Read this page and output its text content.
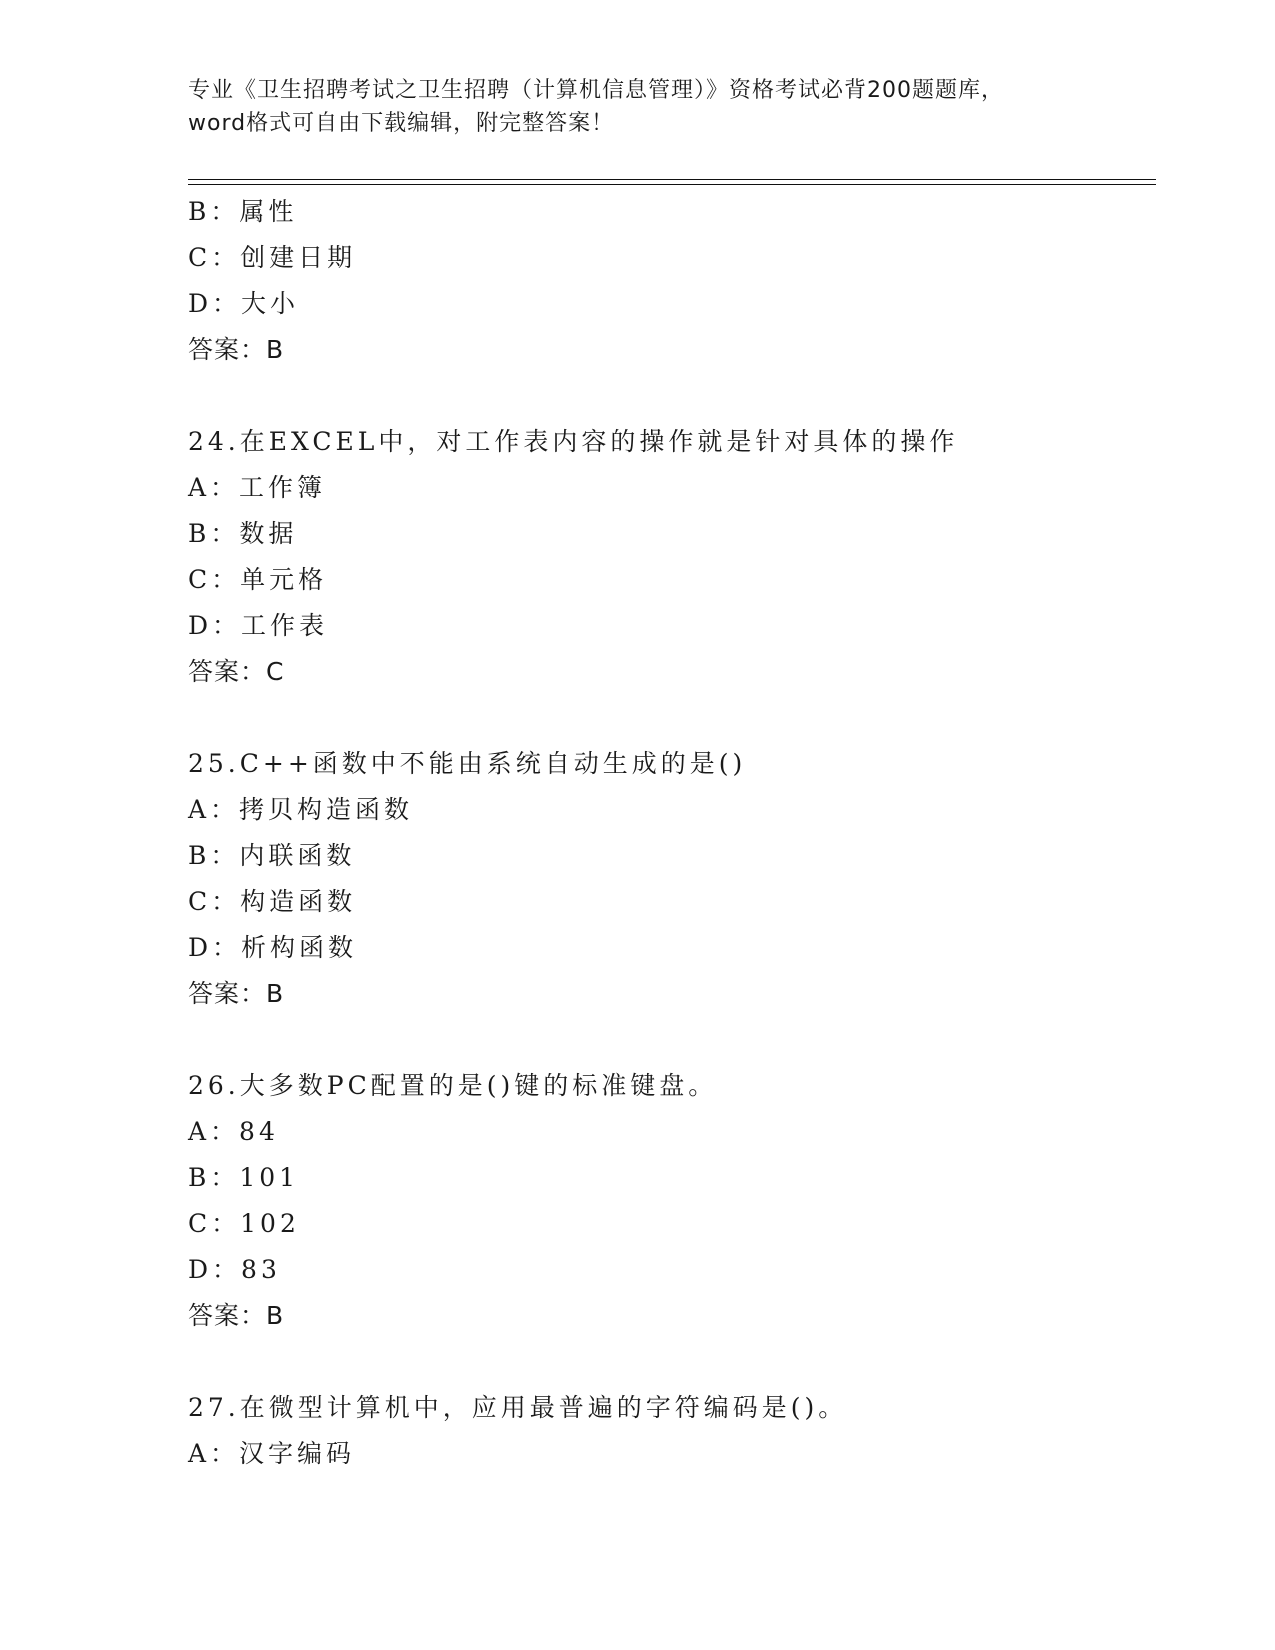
专业《卫生招聘考试之卫生招聘（计算机信息管理）》资格考试必背200题题库，
word格式可自由下载编辑，附完整答案！
B：属性
C：创建日期
D：大小
答案：B
24.在EXCEL中，对工作表内容的操作就是针对具体的操作
A：工作簿
B：数据
C：单元格
D：工作表
答案：C
25.C++函数中不能由系统自动生成的是()
A：拷贝构造函数
B：内联函数
C：构造函数
D：析构函数
答案：B
26.大多数PC配置的是()键的标准键盘。
A：84
B：101
C：102
D：83
答案：B
27.在微型计算机中，应用最普遍的字符编码是()。
A：汉字编码
